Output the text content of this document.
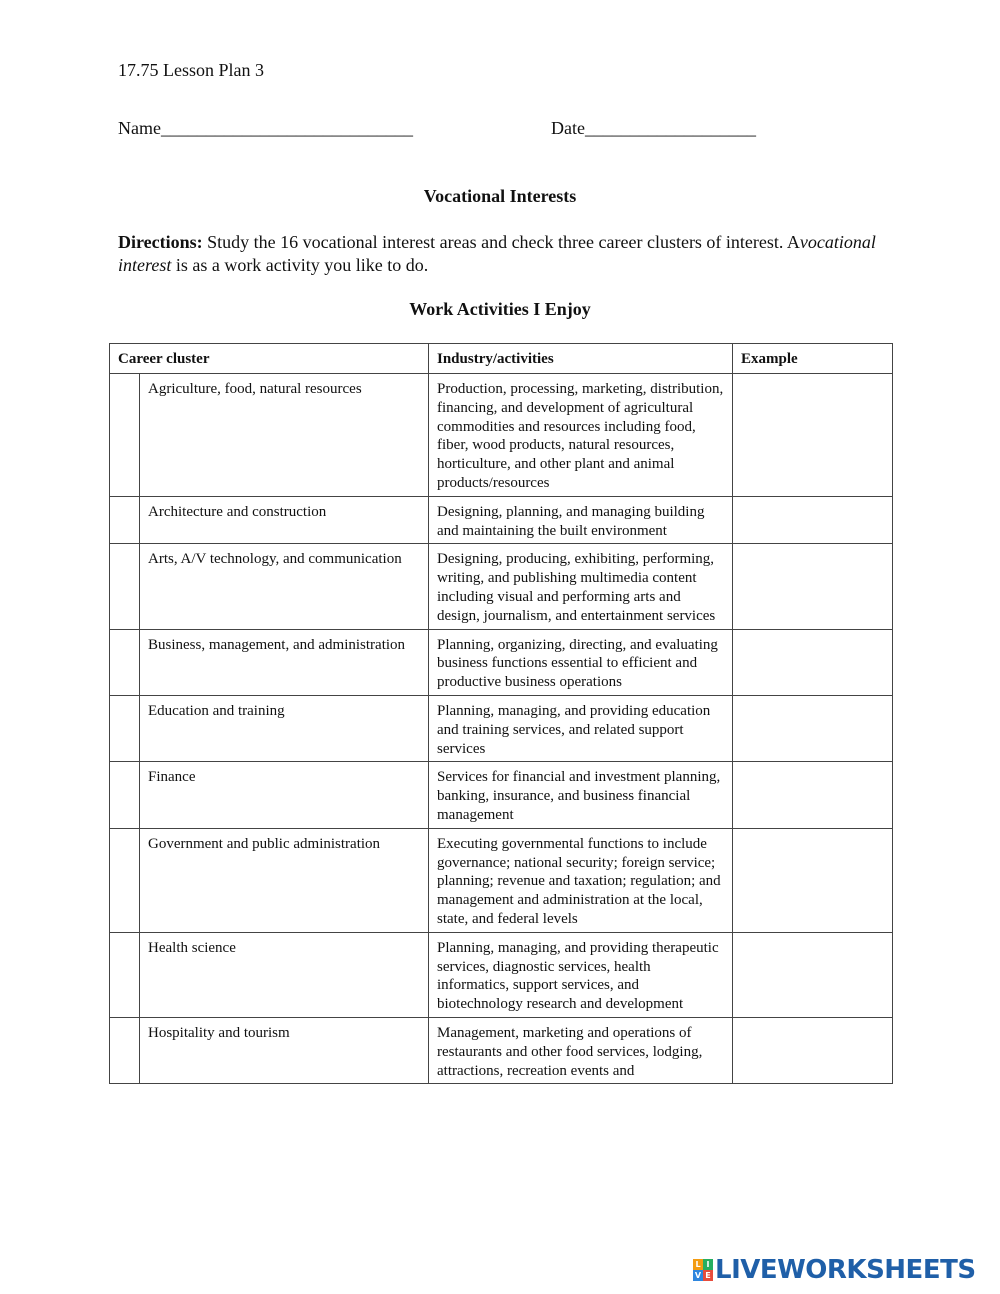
17.75 Lesson Plan 3
Name____________________________	Date___________________
Vocational Interests
Directions: Study the 16 vocational interest areas and check three career clusters of interest. Avocational interest is as a work activity you like to do.
Work Activities I Enjoy
Career cluster		Industry/activities	Example
	Agriculture, food, natural resources	Production, processing, marketing, distribution, financing, and development of agricultural commodities and resources including food, fiber, wood products, natural resources, horticulture, and other plant and animal products/resources	
	Architecture and construction	Designing, planning, and managing building and maintaining the built environment	
	Arts, A/V technology, and communication	Designing, producing, exhibiting, performing, writing, and publishing multimedia content including visual and performing arts and design, journalism, and entertainment services	
	Business, management, and administration	Planning, organizing, directing, and evaluating business functions essential to efficient and productive business operations	
	Education and training	Planning, managing, and providing education and training services, and related support services	
	Finance	Services for financial and investment planning, banking, insurance, and business financial management	
	Government and public administration	Executing governmental functions to include governance; national security; foreign service; planning; revenue and taxation; regulation; and management and administration at the local, state, and federal levels	
	Health science	Planning, managing, and providing therapeutic services, diagnostic services, health informatics, support services, and biotechnology research and development	
	Hospitality and tourism	Management, marketing and operations of restaurants and other food services, lodging, attractions, recreation events and	
L I
V E LIVEWORKSHEETS
